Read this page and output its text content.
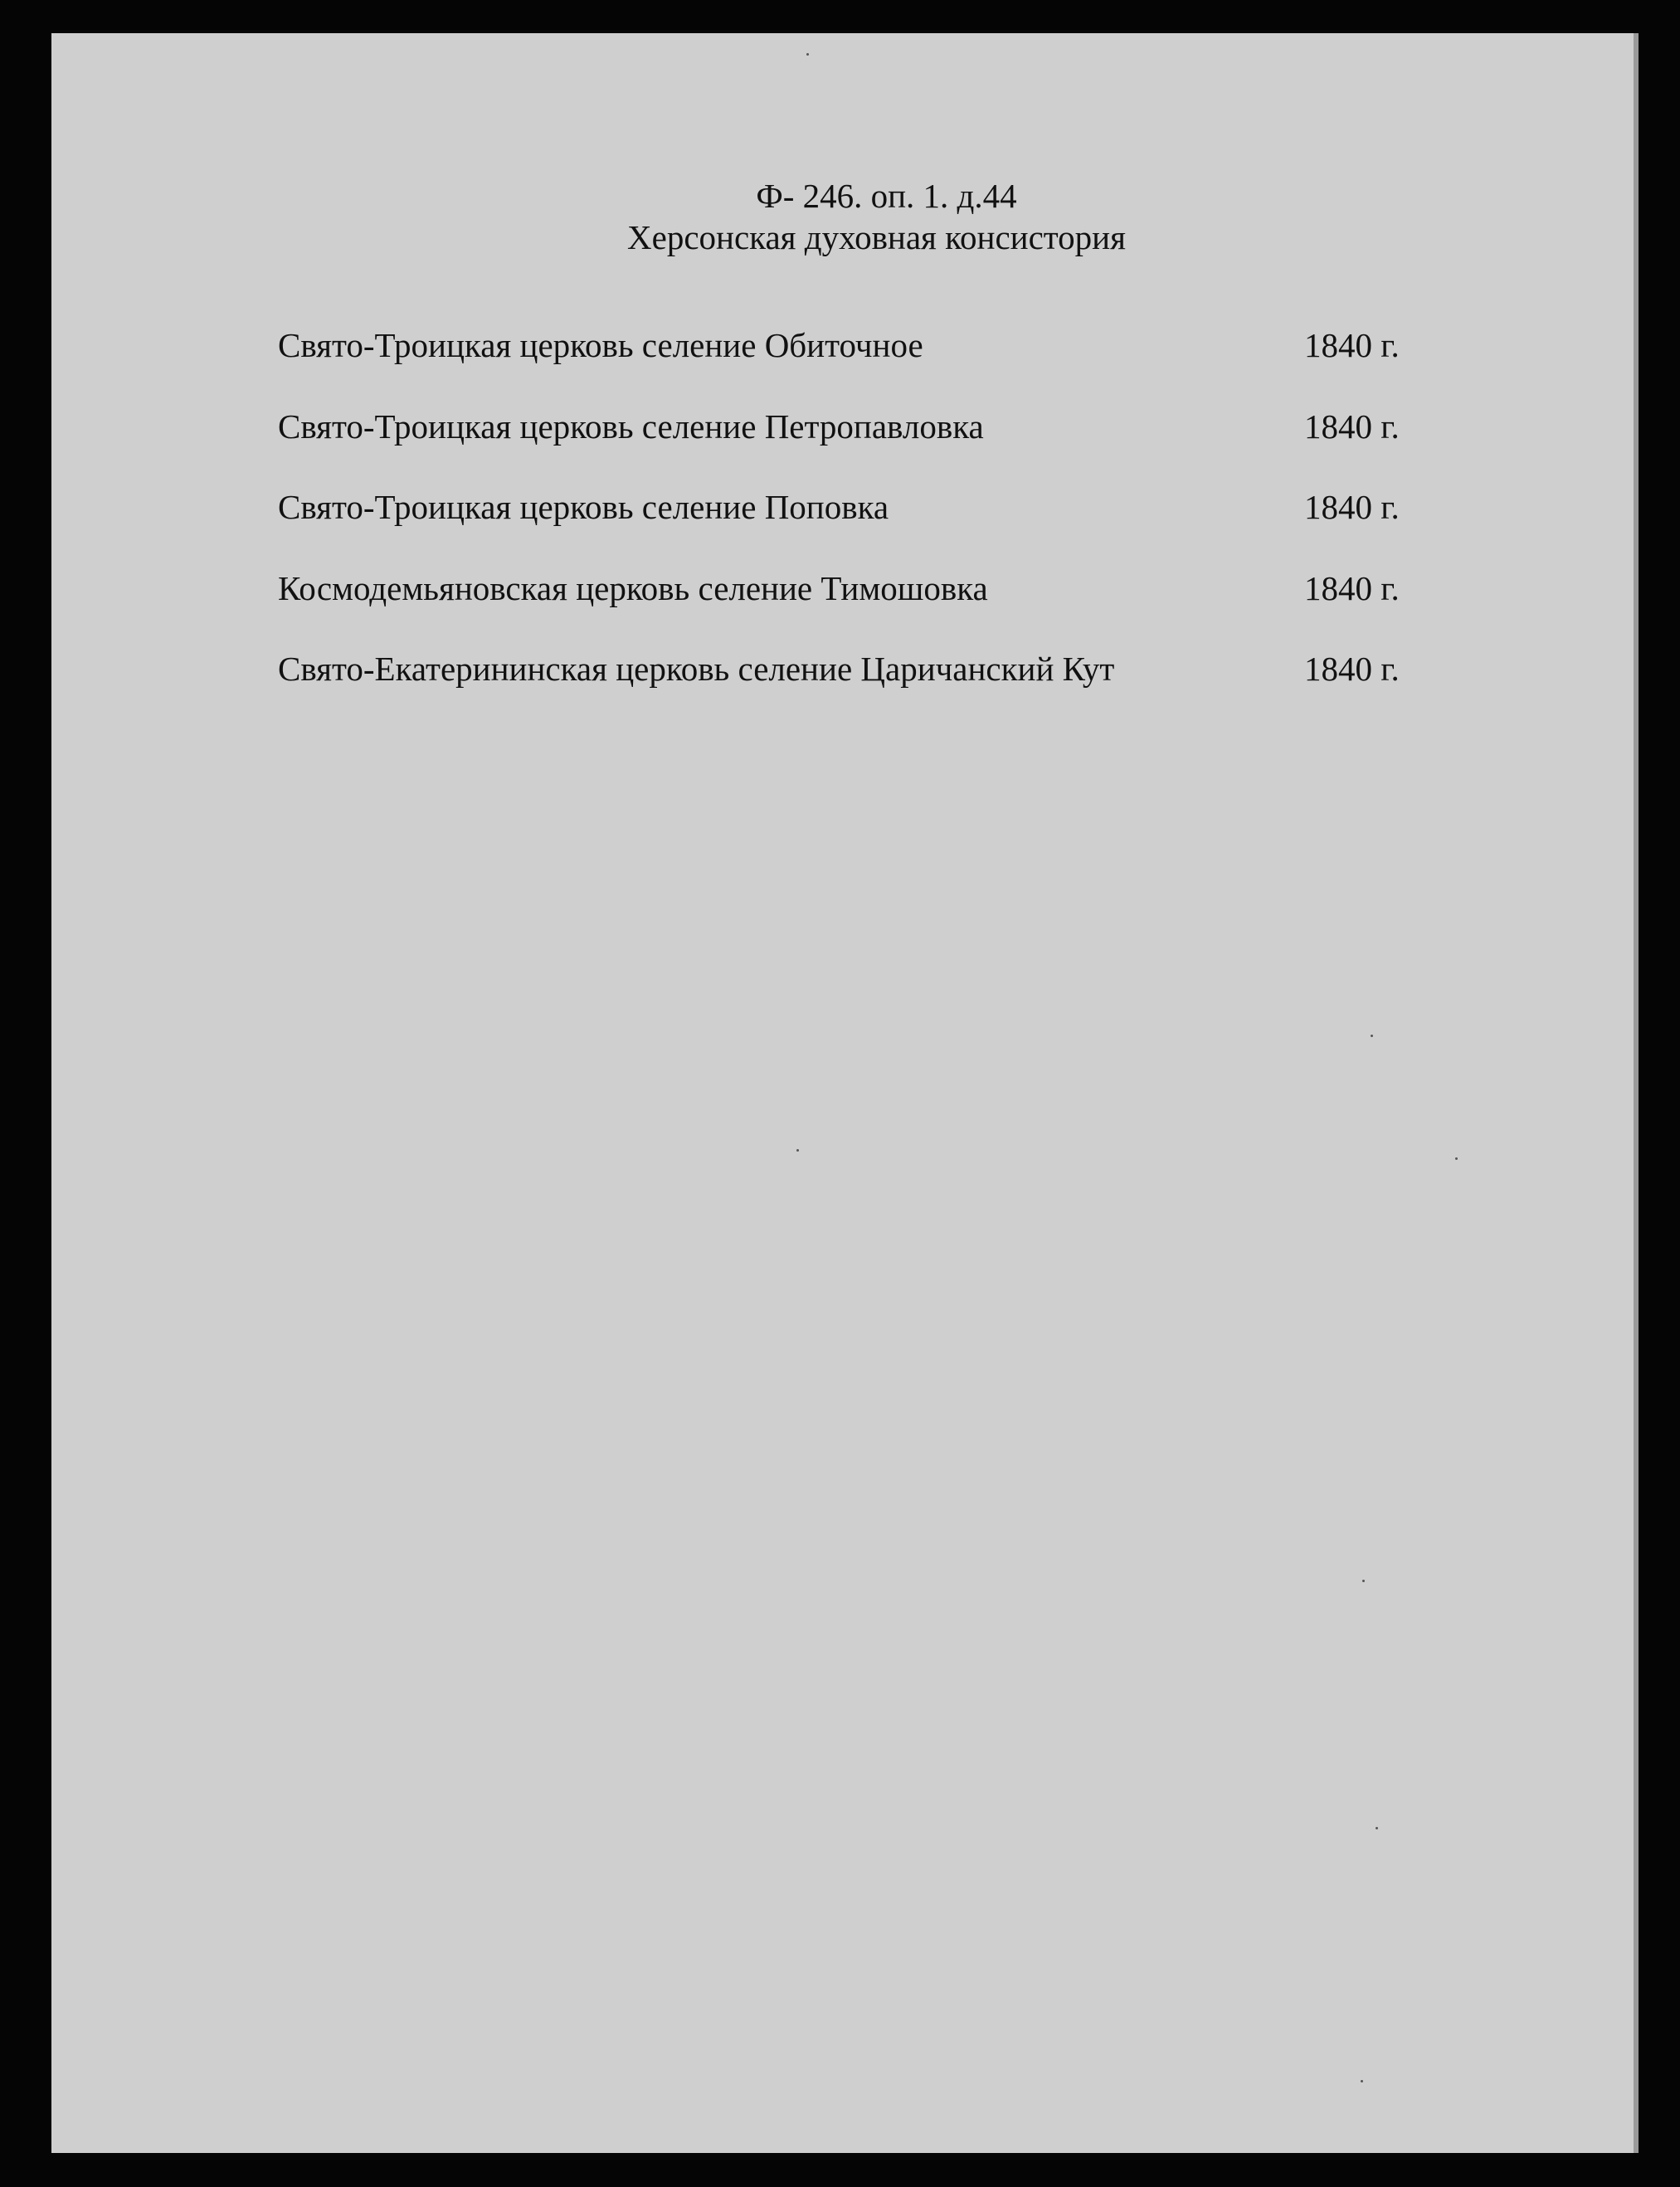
Ф- 246. оп. 1. д.44
Херсонская духовная консистория
Свято-Троицкая церковь селение Обиточное	1840 г.
Свято-Троицкая церковь селение Петропавловка	1840 г.
Свято-Троицкая церковь селение Поповка	1840 г.
Космодемьяновская церковь селение Тимошовка	1840 г.
Свято-Екатерининская церковь селение Царичанский Кут	1840 г.
